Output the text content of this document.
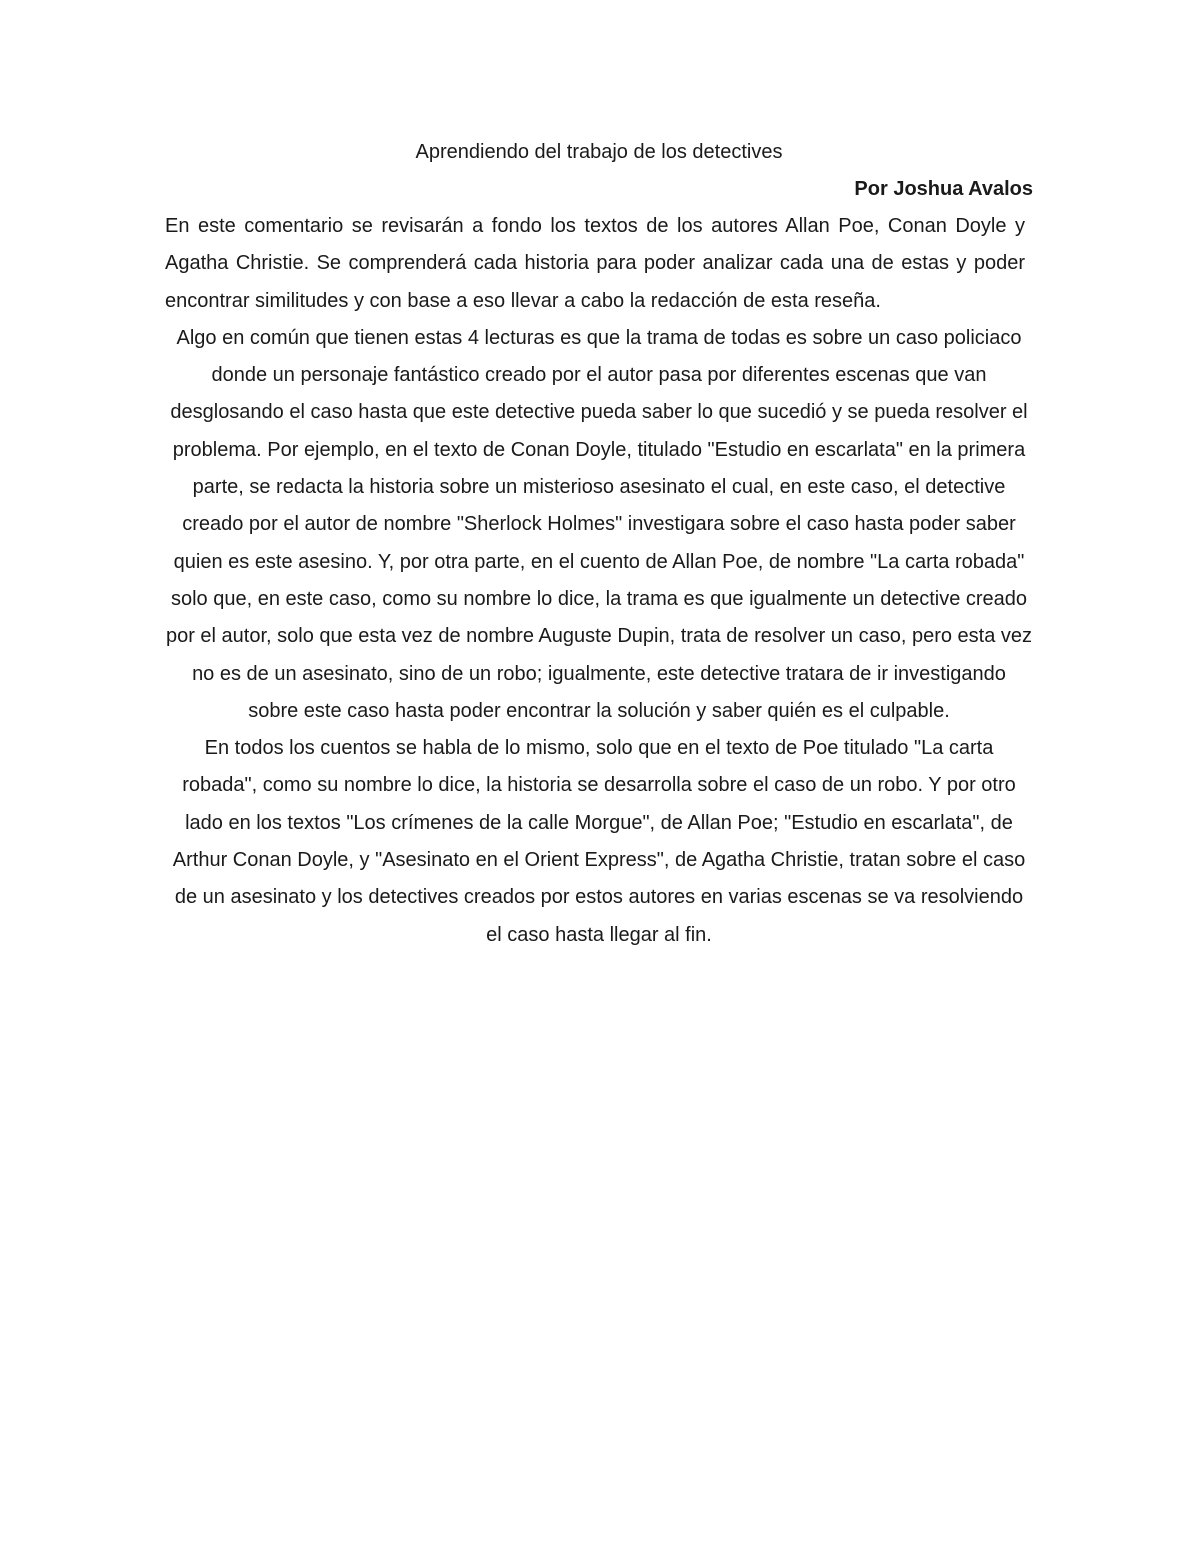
Aprendiendo del trabajo de los detectives

Por Joshua Avalos

En este comentario se revisarán a fondo los textos de los autores Allan Poe, Conan Doyle y Agatha Christie. Se comprenderá cada historia para poder analizar cada una de estas y poder encontrar similitudes y con base a eso llevar a cabo la redacción de esta reseña.

Algo en común que tienen estas 4 lecturas es que la trama de todas es sobre un caso policiaco donde un personaje fantástico creado por el autor pasa por diferentes escenas que van desglosando el caso hasta que este detective pueda saber lo que sucedió y se pueda resolver el problema. Por ejemplo, en el texto de Conan Doyle, titulado "Estudio en escarlata" en la primera parte, se redacta la historia sobre un misterioso asesinato el cual, en este caso, el detective creado por el autor de nombre "Sherlock Holmes" investigara sobre el caso hasta poder saber quien es este asesino. Y, por otra parte, en el cuento de Allan Poe, de nombre "La carta robada" solo que, en este caso, como su nombre lo dice, la trama es que igualmente un detective creado por el autor, solo que esta vez de nombre Auguste Dupin, trata de resolver un caso, pero esta vez no es de un asesinato, sino de un robo; igualmente, este detective tratara de ir investigando sobre este caso hasta poder encontrar la solución y saber quién es el culpable.

En todos los cuentos se habla de lo mismo, solo que en el texto de Poe titulado "La carta robada", como su nombre lo dice, la historia se desarrolla sobre el caso de un robo. Y por otro lado en los textos "Los crímenes de la calle Morgue", de Allan Poe; "Estudio en escarlata", de Arthur Conan Doyle, y "Asesinato en el Orient Express", de Agatha Christie, tratan sobre el caso de un asesinato y los detectives creados por estos autores en varias escenas se va resolviendo el caso hasta llegar al fin.
